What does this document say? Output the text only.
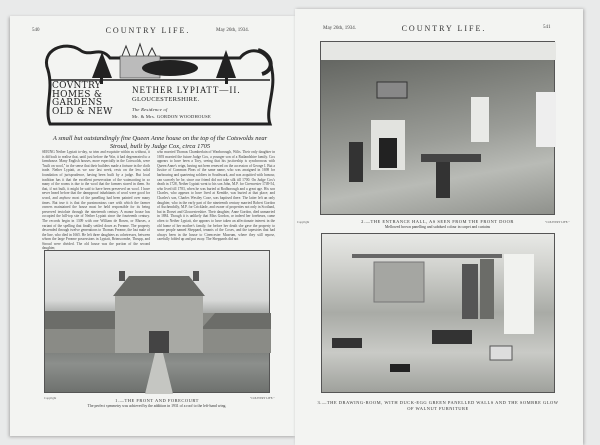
540	COUNTRY LIFE.	May 26th, 1934.
COVNTRY
HOMES &
GARDENS
OLD & NEW
NETHER LYPIATT—II.
GLOUCESTERSHIRE.
The Residence of
Mr. & Mrs. GORDON WOODHOUSE
A small but outstandingly fine Queen Anne house on the top of the Cotswolds near Stroud, built by Judge Cox, circa 1705
SEEING Nether Lypiatt to-day, so trim and exquisite within as without, it is difficult to realise that, until just before the War, it had degenerated to a farmhouse. Many English houses, more especially in the Cotswolds, were "built on wool," in the sense that their builders made a fortune in the cloth trade. Nether Lypiatt, as we saw last week, rests on the less solid foundation of jurisprudence, having been built by a judge. But local tradition has it that the excellent preservation of the wainscoting in so many of the rooms is due to the wool that the farmers stored in them. So that, if not built, it might be said to have been preserved on wool. I have never heard before that the dampproof inhabitants of wool were good for wood, and anyhow most of the panelling had been painted over many times. But true it is that the parsimonious care with which the farmer owners maintained the house must be held responsible for its being preserved inviolate through the nineteenth century. A manor house has occupied the hill-top site of Nether Lypiatt since the fourteenth century. The records begin in 1309 with one William de Rosen, or Rhoses, a variant of the spelling that finally settled down as Freame. The property descended through twelve generations to Thomas Freame, the last male of the line, who died in 1665. He left three daughters as coheiresses, between whom the large Freame possessions in Lypiatt, Brimscombe, Thrupp, and Stroud were divided. The old house was the portion of the second daughter,
who married Thomas Chamberlain of Wanborough, Wilts. Their only daughter in 1693 married the future Judge Cox, a younger son of a Rutlandshire family. Cox appears to have been a Tory, seeing that his justiceship is synchronous with Queen Anne's reign, having not been renewed on the accession of George I. But a Justice of Common Pleas of the same name, who was arraigned in 1698 for harbouring and quartering soldiers in Southwark, and was acquitted with honour, can scarcely be he, since our friend did not take silk till 1700. On Judge Cox's death in 1728, Nether Lypiatt went to his son John, M.P. for Cirencester 1749-54, who lived till 1783, when he was buried at Rodborough and a great age. His son Charles, who appears to have lived at Kemble, was buried at that place; and Charles's son, Charles Westley Coxe, was baptised there. The latter left an only daughter, who in the early part of the nineteenth century married Robert Gordon of Auchendolly, M.P. for Cricklade, and owner of properties not only in Scotland, but in Dorset and Gloucestershire. Their daughter, Anne Gordon, died unmarried in 1884. Though it is unlikely that Miss Gordon, or indeed her forebears, came often to Nether Lypiatt, she appears to have taken an affectionate interest in the old home of her mother's family, for before her death she gave the property to some people named Sheppard, tenants of the Coxes, and the tapestries that had always been in the house to Cirencester Museum, where they still repose, carefully folded up and put away. The Sheppards did not
Copyright	"COUNTRY LIFE."
1.—THE FRONT AND FORECOURT
The perfect symmetry was achieved by the addition in 1931 of a roof to the left-hand wing.
May 26th, 1934.	COUNTRY LIFE.	541
Copyright	"COUNTRY LIFE."
2.—THE ENTRANCE HALL, AS SEEN FROM THE FRONT DOOR
Mellowed brown panelling and subdued colour in carpet and curtains
3.—THE DRAWING-ROOM, WITH DUCK-EGG GREEN PANELLED WALLS AND THE SOMBRE GLOW OF WALNUT FURNITURE
